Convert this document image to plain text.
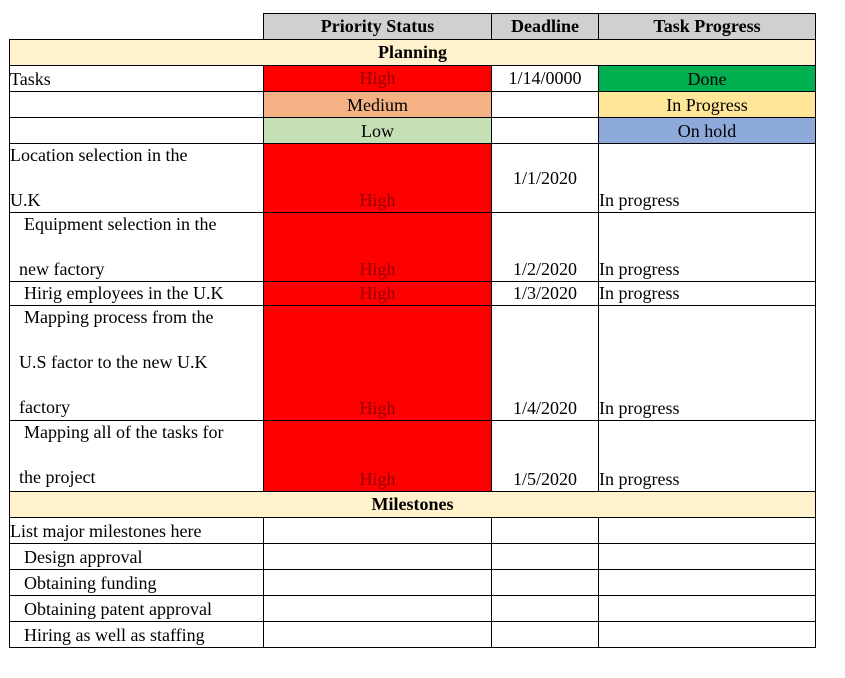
	Priority Status	Deadline	Task Progress
Planning			
Tasks	High	1/14/0000	Done
	Medium		In Progress
	Low		On hold

Location selection in the
U.K	High	1/1/2020	In progress

Equipment selection in the
new factory	High	1/2/2020	In progress
Hirig employees in the U.K	High	1/3/2020	In progress

Mapping process from the
U.S factor to the new U.K
factory	High	1/4/2020	In progress

Mapping all of the tasks for
the project	High	1/5/2020	In progress
Milestones			
List major milestones here			
Design approval			
Obtaining funding			
Obtaining patent approval			
Hiring as well as staffing			
